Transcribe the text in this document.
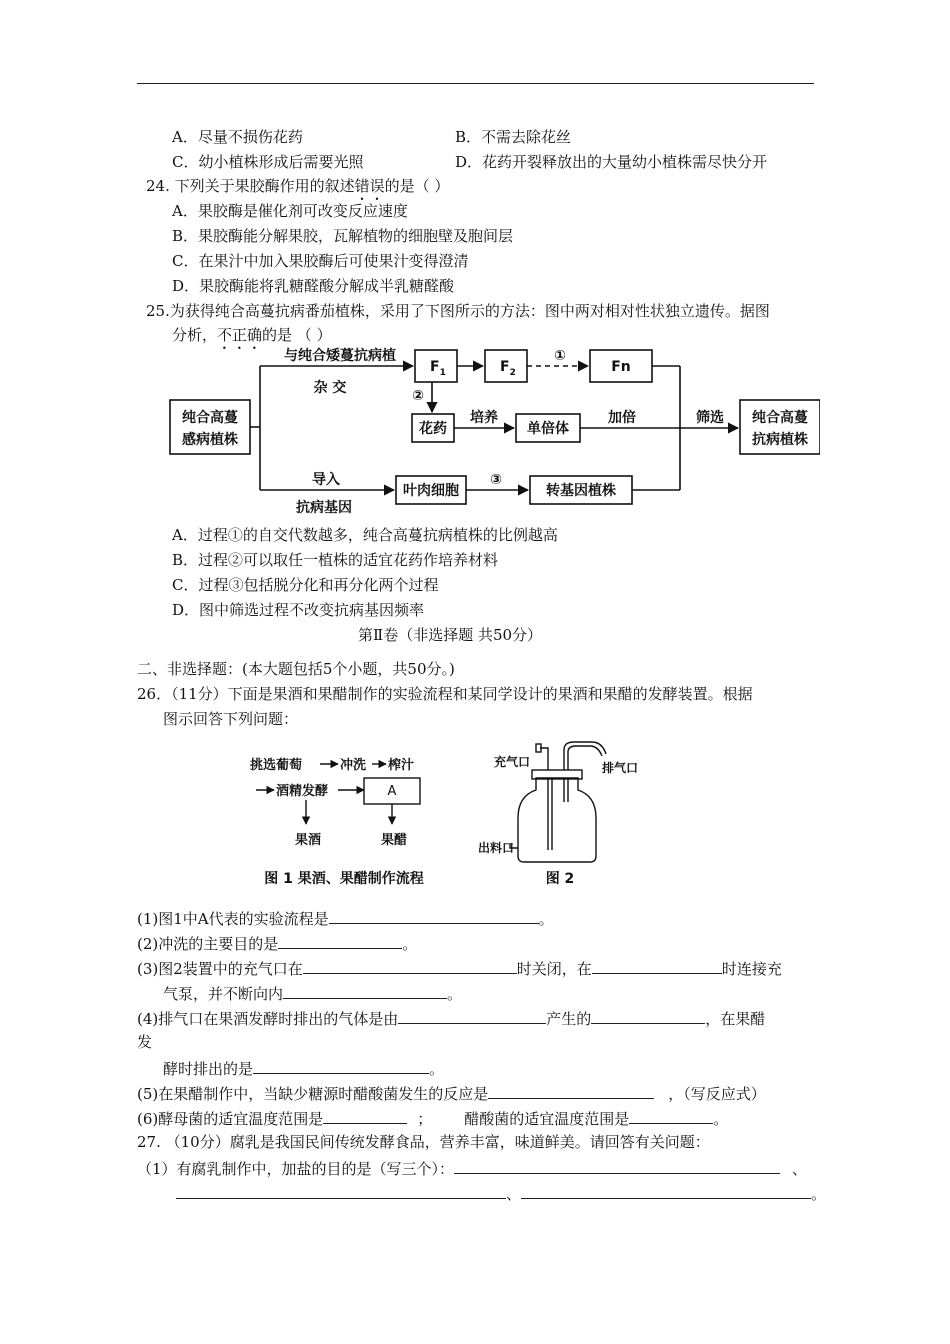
A．尽量不损伤花药	B．不需去除花丝
C．幼小植株形成后需要光照	D．花药开裂释放出的大量幼小植株需尽快分开
24. 下列关于果胶酶作用的叙述错误的是（ ）
A．果胶酶是催化剂可改变反应速度
B．果胶酶能分解果胶，瓦解植物的细胞壁及胞间层
C．在果汁中加入果胶酶后可使果汁变得澄清
D．果胶酶能将乳糖醛酸分解成半乳糖醛酸
25.为获得纯合高蔓抗病番茄植株，采用了下图所示的方法：图中两对相对性状独立遗传。据图
分析，不正确的是 （ ）
纯合高蔓
感病植株
与纯合矮蔓抗病植
杂 交
$F_1$	$F_2$	Fn
①
②
花药
培养
单倍体
加倍	筛选 纯合高蔓
抗病植株
导入
抗病基因
叶肉细胞
③
转基因植株
A．过程①的自交代数越多，纯合高蔓抗病植株的比例越高
B．过程②可以取任一植株的适宜花药作培养材料
C．过程③包括脱分化和再分化两个过程
D．图中筛选过程不改变抗病基因频率
第Ⅱ卷（非选择题 共50分）
二、非选择题：(本大题包括5个小题，共50分。)
26．（11分）下面是果酒和果醋制作的实验流程和某同学设计的果酒和果醋的发酵装置。根据
图示回答下列问题：
挑选葡萄	冲洗 榨汁
酒精发酵	A
果酒	果醋
图 1 果酒、果醋制作流程
充气口	排气口
出料口
图 2
(1)图1中A代表的实验流程是	。
(2)冲洗的主要目的是	。
(3)图2装置中的充气口在	时关闭，在	时连接充
气泵，并不断向内	。
(4)排气口在果酒发酵时排出的气体是由	产生的	，在果醋
发
酵时排出的是	。
(5)在果醋制作中，当缺少糖源时醋酸菌发生的反应是	，（写反应式）
(6)酵母菌的适宜温度范围是	； 醋酸菌的适宜温度范围是	。
27. （10分）腐乳是我国民间传统发酵食品，营养丰富，味道鲜美。请回答有关问题：
（1）有腐乳制作中，加盐的目的是（写三个）：	、
、	。
